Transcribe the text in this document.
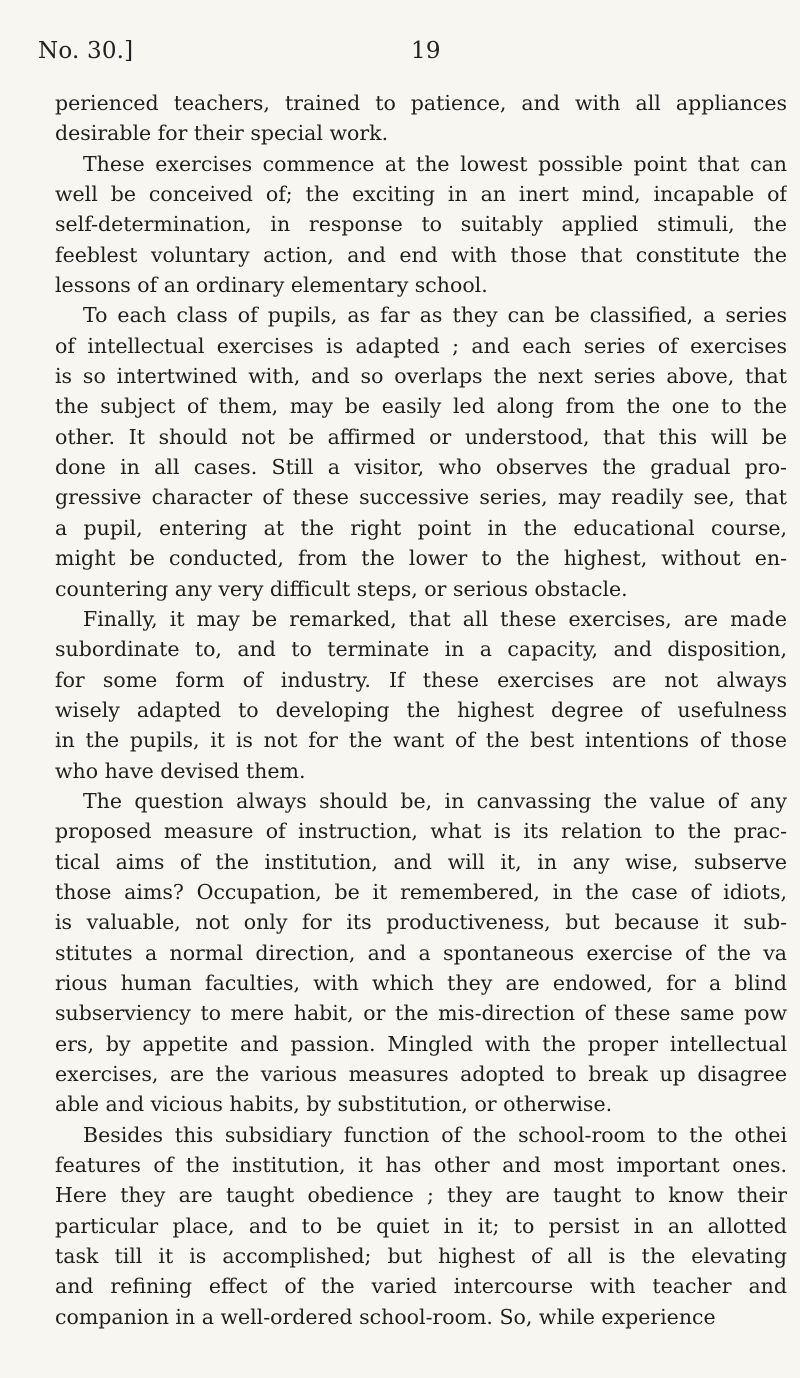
No. 30.]	19
perienced teachers, trained to patience, and with all appliances
desirable for their special work.
These exercises commence at the lowest possible point that can
well be conceived of; the exciting in an inert mind, incapable of
self-determination, in response to suitably applied stimuli, the
feeblest voluntary action, and end with those that constitute the
lessons of an ordinary elementary school.
To each class of pupils, as far as they can be classified, a series
of intellectual exercises is adapted ; and each series of exercises
is so intertwined with, and so overlaps the next series above, that
the subject of them, may be easily led along from the one to the
other. It should not be affirmed or understood, that this will be
done in all cases. Still a visitor, who observes the gradual pro-
gressive character of these successive series, may readily see, that
a pupil, entering at the right point in the educational course,
might be conducted, from the lower to the highest, without en-
countering any very difficult steps, or serious obstacle.
Finally, it may be remarked, that all these exercises, are made
subordinate to, and to terminate in a capacity, and disposition,
for some form of industry. If these exercises are not always
wisely adapted to developing the highest degree of usefulness
in the pupils, it is not for the want of the best intentions of those
who have devised them.
The question always should be, in canvassing the value of any
proposed measure of instruction, what is its relation to the prac-
tical aims of the institution, and will it, in any wise, subserve
those aims? Occupation, be it remembered, in the case of idiots,
is valuable, not only for its productiveness, but because it sub-
stitutes a normal direction, and a spontaneous exercise of the va
rious human faculties, with which they are endowed, for a blind
subserviency to mere habit, or the mis-direction of these same pow
ers, by appetite and passion. Mingled with the proper intellectual
exercises, are the various measures adopted to break up disagree
able and vicious habits, by substitution, or otherwise.
Besides this subsidiary function of the school-room to the othei
features of the institution, it has other and most important ones.
Here they are taught obedience ; they are taught to know their
particular place, and to be quiet in it; to persist in an allotted
task till it is accomplished; but highest of all is the elevating
and refining effect of the varied intercourse with teacher and
companion in a well-ordered school-room. So, while experience
